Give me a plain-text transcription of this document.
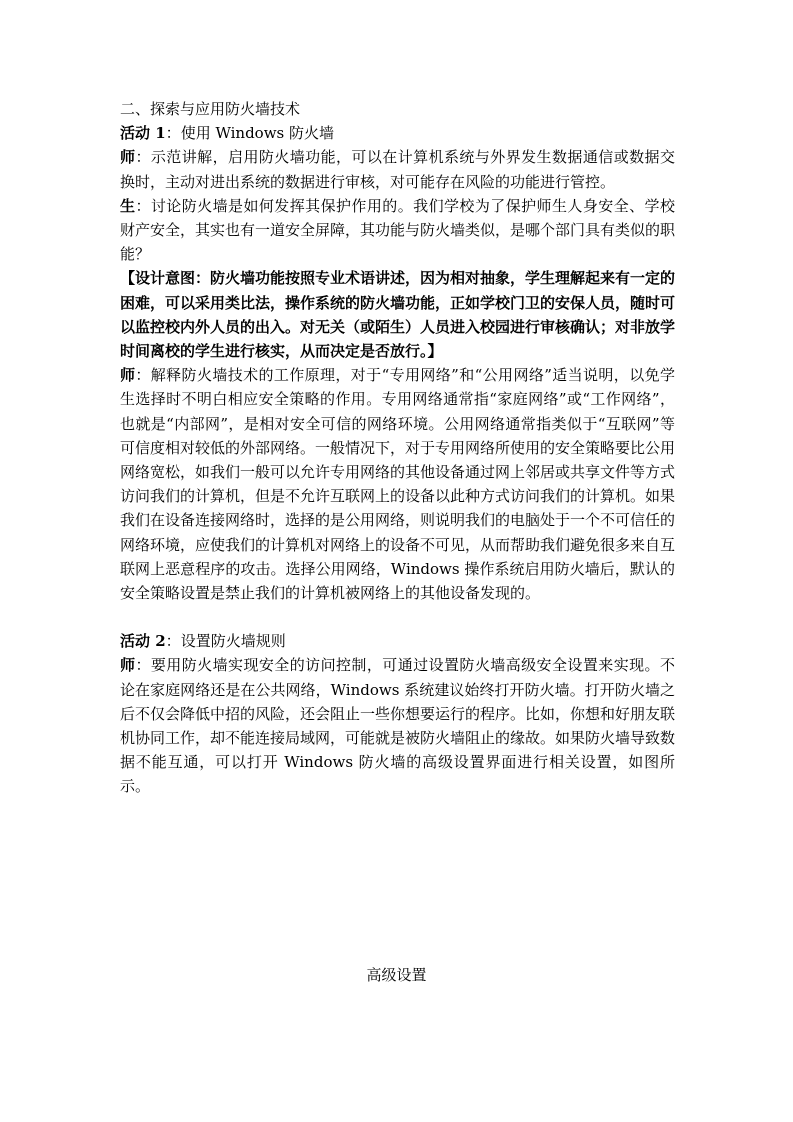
二、探索与应用防火墙技术

活动 1：使用 Windows 防火墙

师：示范讲解，启用防火墙功能，可以在计算机系统与外界发生数据通信或数据交换时，主动对进出系统的数据进行审核，对可能存在风险的功能进行管控。

生：讨论防火墙是如何发挥其保护作用的。我们学校为了保护师生人身安全、学校财产安全，其实也有一道安全屏障，其功能与防火墙类似，是哪个部门具有类似的职能？

【设计意图：防火墙功能按照专业术语讲述，因为相对抽象，学生理解起来有一定的困难，可以采用类比法，操作系统的防火墙功能，正如学校门卫的安保人员，随时可以监控校内外人员的出入。对无关（或陌生）人员进入校园进行审核确认；对非放学时间离校的学生进行核实，从而决定是否放行。】

师：解释防火墙技术的工作原理，对于“专用网络”和“公用网络”适当说明，以免学生选择时不明白相应安全策略的作用。专用网络通常指“家庭网络”或“工作网络”，也就是“内部网”，是相对安全可信的网络环境。公用网络通常指类似于“互联网”等可信度相对较低的外部网络。一般情况下，对于专用网络所使用的安全策略要比公用网络宽松，如我们一般可以允许专用网络的其他设备通过网上邻居或共享文件等方式访问我们的计算机，但是不允许互联网上的设备以此种方式访问我们的计算机。如果我们在设备连接网络时，选择的是公用网络，则说明我们的电脑处于一个不可信任的网络环境，应使我们的计算机对网络上的设备不可见，从而帮助我们避免很多来自互联网上恶意程序的攻击。选择公用网络，Windows 操作系统启用防火墙后，默认的安全策略设置是禁止我们的计算机被网络上的其他设备发现的。

活动 2：设置防火墙规则

师：要用防火墙实现安全的访问控制，可通过设置防火墙高级安全设置来实现。不论在家庭网络还是在公共网络，Windows 系统建议始终打开防火墙。打开防火墙之后不仅会降低中招的风险，还会阻止一些你想要运行的程序。比如，你想和好朋友联机协同工作，却不能连接局域网，可能就是被防火墙阻止的缘故。如果防火墙导致数据不能互通，可以打开 Windows 防火墙的高级设置界面进行相关设置，如图所示。

高级设置
